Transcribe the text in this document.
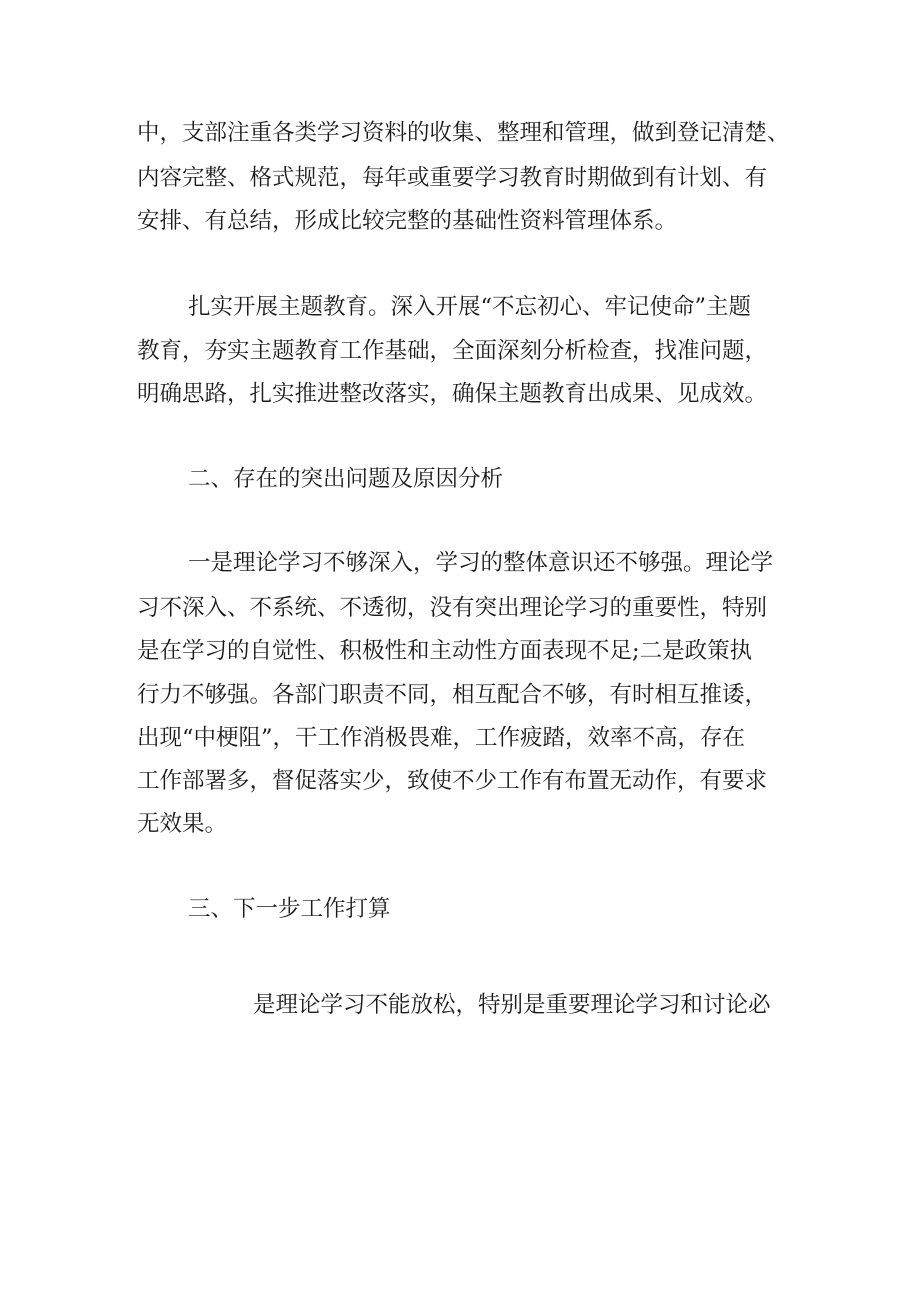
中，支部注重各类学习资料的收集、整理和管理，做到登记清楚、
内容完整、格式规范，每年或重要学习教育时期做到有计划、有
安排、有总结，形成比较完整的基础性资料管理体系。
扎实开展主题教育。深入开展“不忘初心、牢记使命”主题
教育，夯实主题教育工作基础，全面深刻分析检查，找准问题，
明确思路，扎实推进整改落实，确保主题教育出成果、见成效。
二、存在的突出问题及原因分析
一是理论学习不够深入，学习的整体意识还不够强。理论学
习不深入、不系统、不透彻，没有突出理论学习的重要性，特别
是在学习的自觉性、积极性和主动性方面表现不足;二是政策执
行力不够强。各部门职责不同，相互配合不够，有时相互推诿，
出现“中梗阻”，干工作消极畏难，工作疲踏，效率不高，存在
工作部署多，督促落实少，致使不少工作有布置无动作，有要求
无效果。
三、下一步工作打算
是理论学习不能放松，特别是重要理论学习和讨论必
